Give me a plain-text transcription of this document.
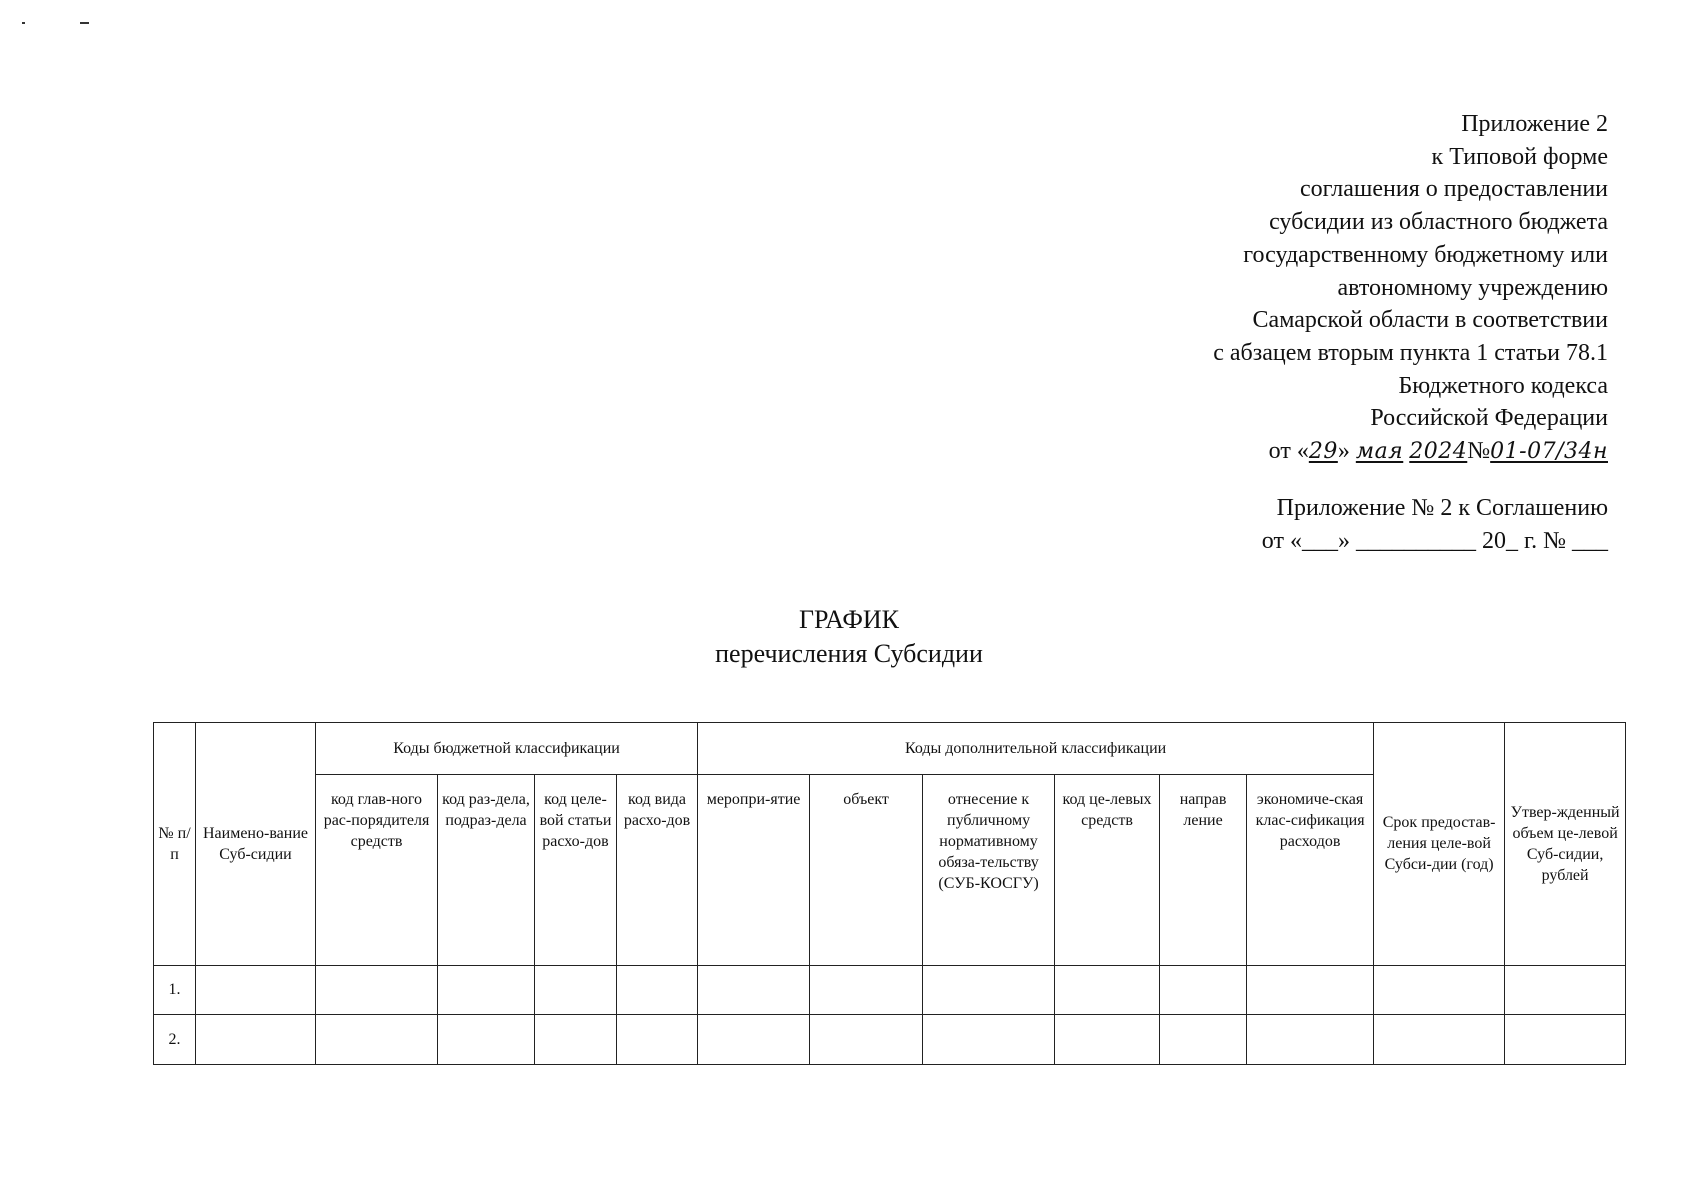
Приложение 2
к Типовой форме
соглашения о предоставлении
субсидии из областного бюджета
государственному бюджетному или
автономному учреждению
Самарской области в соответствии
с абзацем вторым пункта 1 статьи 78.1
Бюджетного кодекса
Российской Федерации
от «29» мая 2024№01-07/34н
Приложение № 2 к Соглашению
от «___» __________ 20_ г. № ___
ГРАФИК
перечисления Субсидии
№ п/п	Наимено-вание Суб-сидии	Коды бюджетной классификации				Коды дополнительной классификации						Срок предостав-ления целе-вой Субси-дии (год)	Утвер-жденный объем це-левой Суб-сидии, рублей
		код глав-ного рас-порядителя средств	код раз-дела, подраз-дела	код целе-вой статьи расхо-дов	код вида расхо-дов	меропри-ятие	объект	отнесение к публичному нормативному обяза-тельству (СУБ-КОСГУ)	код це-левых средств	направ ление	экономиче-ская клас-сификация расходов		
1.													
2.													
